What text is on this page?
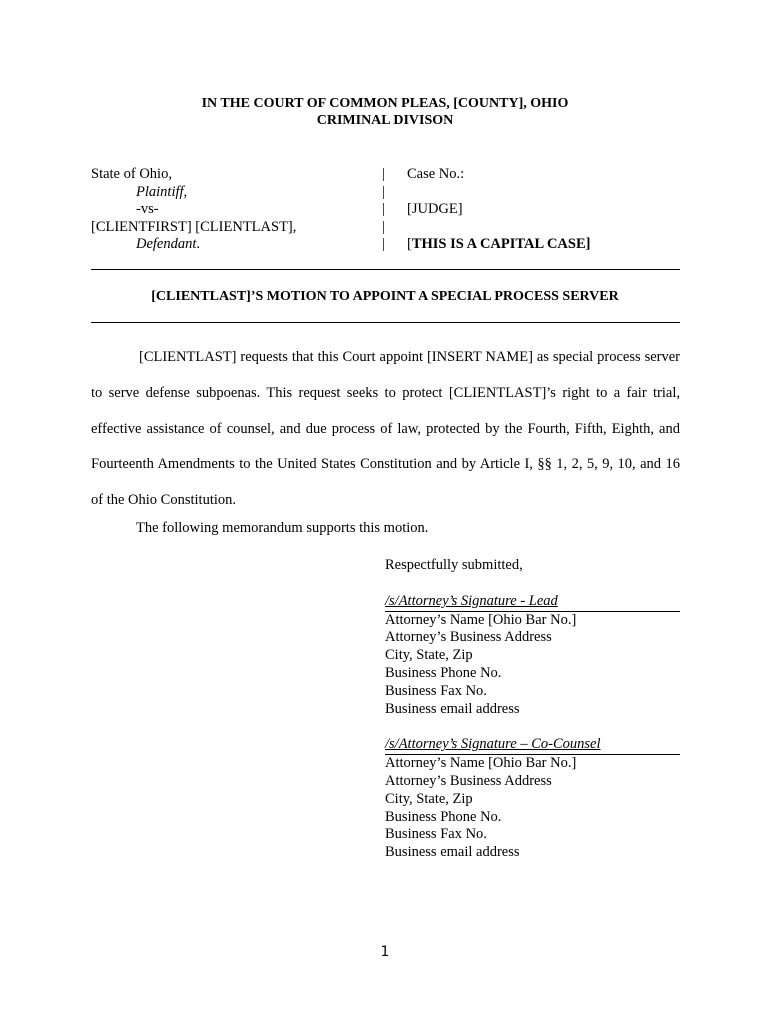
IN THE COURT OF COMMON PLEAS, [COUNTY], OHIO
CRIMINAL DIVISON
State of Ohio,
Plaintiff,
-vs-
[CLIENTFIRST] [CLIENTLAST],
Defendant.
|
|
|
|
|
Case No.:

[JUDGE]

[THIS IS A CAPITAL CASE]
[CLIENTLAST]’S MOTION TO APPOINT A SPECIAL PROCESS SERVER
[CLIENTLAST] requests that this Court appoint [INSERT NAME] as special process server to serve defense subpoenas. This request seeks to protect [CLIENTLAST]’s right to a fair trial, effective assistance of counsel, and due process of law, protected by the Fourth, Fifth, Eighth, and Fourteenth Amendments to the United States Constitution and by Article I, §§ 1, 2, 5, 9, 10, and 16 of the Ohio Constitution.
The following memorandum supports this motion.
Respectfully submitted,
/s/Attorney’s Signature - Lead
Attorney’s Name [Ohio Bar No.]
Attorney’s Business Address
City, State, Zip
Business Phone No.
Business Fax No.
Business email address
/s/Attorney’s Signature – Co-Counsel
Attorney’s Name [Ohio Bar No.]
Attorney’s Business Address
City, State, Zip
Business Phone No.
Business Fax No.
Business email address
1
